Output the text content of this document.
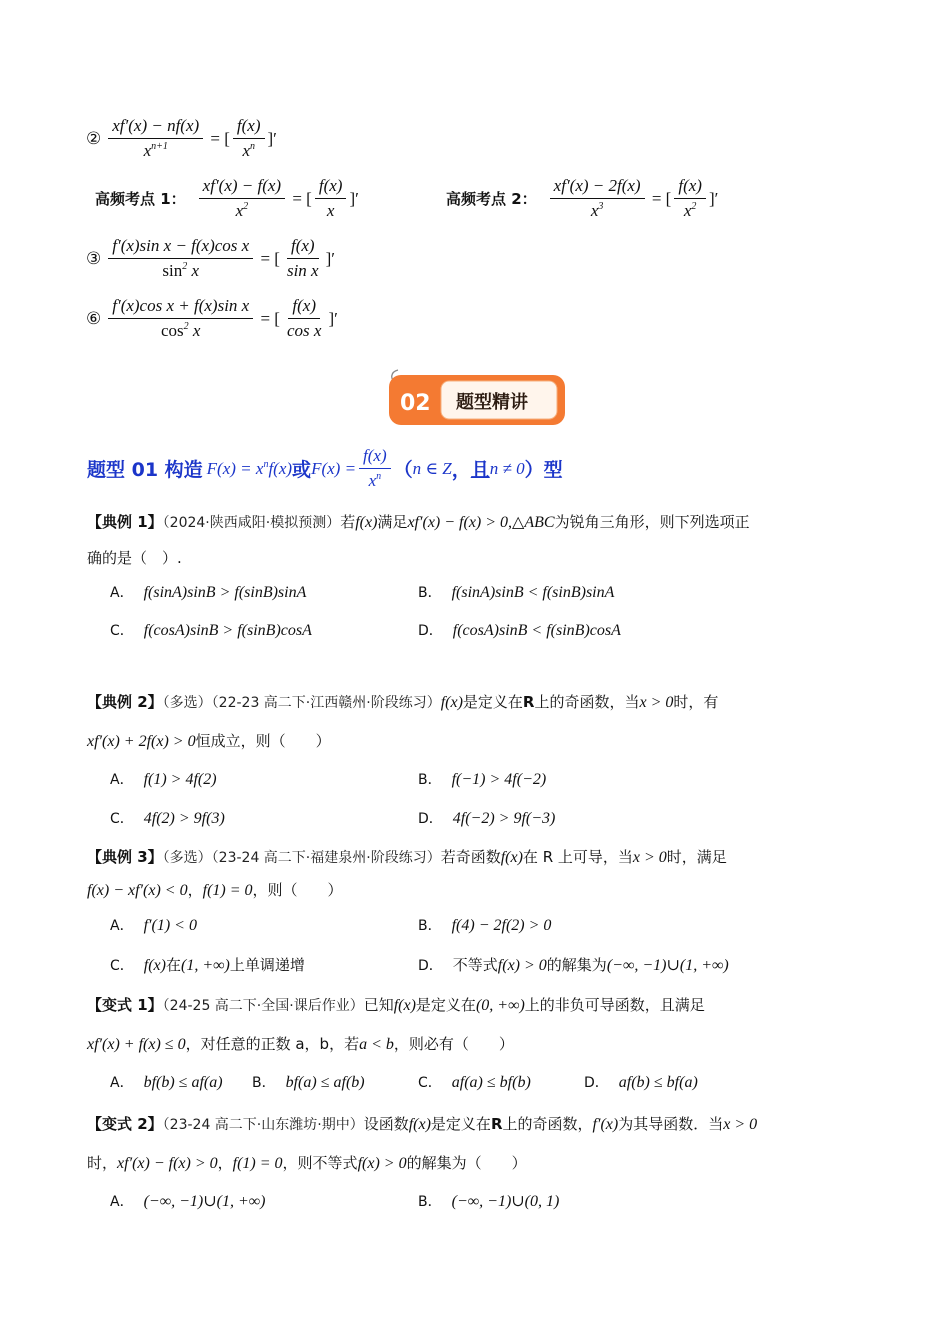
② $\frac{xf'(x) - nf(x)}{x^{n+1}}$ = [ $\frac{f(x)}{x^n}$ ]′
高频考点 1： $\frac{xf'(x) - f(x)}{x^2}$ = [ $\frac{f(x)}{x}$ ]′	高频考点 2： $\frac{xf'(x) - 2f(x)}{x^3}$ = [ $\frac{f(x)}{x^2}$ ]′
③ $\frac{\text{f′(x)sin x − f(x)cos x}}{\sin^2 x}$ = [ $\frac{f(x)}{\text{sin x}}$ ]′
⑥ $\frac{\text{f′(x)cos x + f(x)sin x}}{\cos^2 x}$ = [ $\frac{f(x)}{\text{cos x}}$ ]′
02 题型精讲
题型 01 构造 $F(x) = x^nf(x)$ 或 $F(x) = \frac{f(x)}{x^n}$ （ n ∈ Z ， 且 n ≠ 0 ） 型
【典例 1】（2024·陕西咸阳·模拟预测）若f(x)满足xf′(x) − f(x) > 0,△ABC为锐角三角形，则下列选项正
确的是（　）.
A． f(sinA)sinB > f(sinB)sinA	B． f(sinA)sinB < f(sinB)sinA
C． f(cosA)sinB > f(sinB)cosA	D． f(cosA)sinB < f(sinB)cosA
【典例 2】（多选）（22-23 高二下·江西赣州·阶段练习）f(x)是定义在R上的奇函数，当x > 0时，有
xf′(x) + 2f(x) > 0恒成立，则（　　）
A． f(1) > 4f(2)	B． f(−1) > 4f(−2)
C． 4f(2) > 9f(3)	D． 4f(−2) > 9f(−3)
【典例 3】（多选）（23-24 高二下·福建泉州·阶段练习）若奇函数f(x)在 R 上可导，当x > 0时，满足
f(x) − xf′(x) < 0，f(1) = 0，则（　　）
A． f′(1) < 0	B． f(4) − 2f(2) > 0
C． f(x)在(1, +∞)上单调递增	D． 不等式f(x) > 0的解集为(−∞, −1)∪(1, +∞)
【变式 1】（24-25 高二下·全国·课后作业）已知f(x)是定义在(0, +∞)上的非负可导函数，且满足
xf′(x) + f(x) ≤ 0，对任意的正数 a，b，若a < b，则必有（　　）
A． bf(b) ≤ af(a) B． bf(a) ≤ af(b)	C． af(a) ≤ bf(b)	D． af(b) ≤ bf(a)
【变式 2】（23-24 高二下·山东潍坊·期中）设函数f(x)是定义在R上的奇函数，f′(x)为其导函数．当x > 0
时，xf′(x) − f(x) > 0，f(1) = 0，则不等式f(x) > 0的解集为（　　）
A． (−∞, −1)∪(1, +∞)	B． (−∞, −1)∪(0, 1)
